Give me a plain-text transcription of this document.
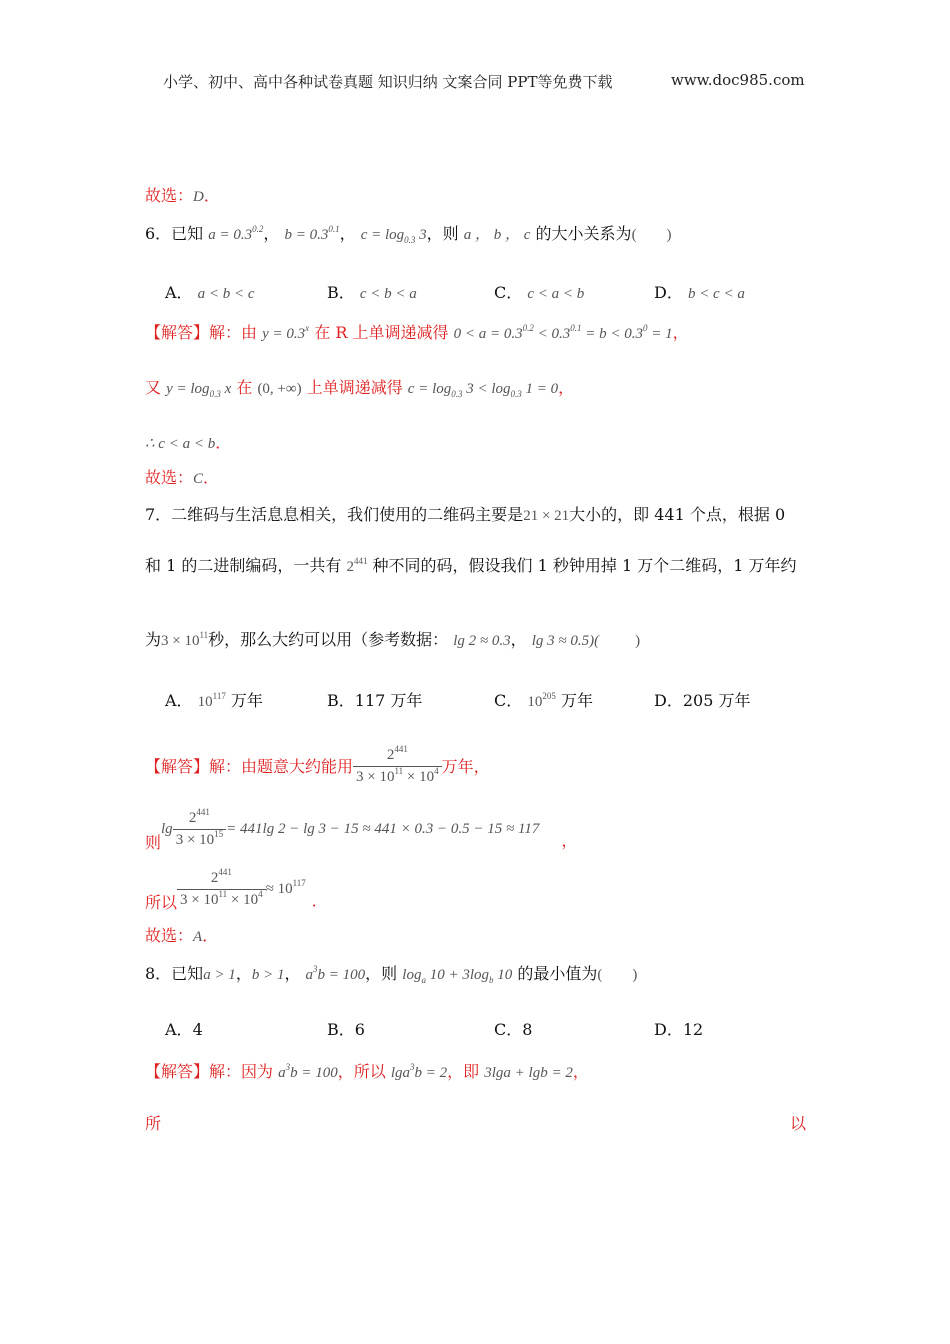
小学、初中、高中各种试卷真题 知识归纳 文案合同 PPT等免费下载	www.doc985.com
故选：D．
6．已知 $a = 0.3^{0.2}$， $b = 0.3^{0.1}$， $c = \log_{0.3} 3$，则 a ， b ， c 的大小关系为(　　)
A． a < b < c	B． c < b < a	C． c < a < b	D． b < c < a
【解答】解：由 $y = 0.3^x$ 在 R 上单调递减得 $0 < a = 0.3^{0.2} < 0.3^{0.1} = b < 0.3^0 = 1$，
又 $y = \log_{0.3} x$ 在 (0, +∞) 上单调递减得 $c = \log_{0.3} 3 < \log_{0.3} 1 = 0$，
∴ c < a < b．
故选：C．
7．二维码与生活息息相关，我们使用的二维码主要是21 × 21大小的，即 441 个点，根据 0
和 1 的二进制编码，一共有 $2^{441}$ 种不同的码，假设我们 1 秒钟用掉 1 万个二维码，1 万年约
为$3 \times 10^{11}$秒，那么大约可以用（参考数据： lg 2 ≈ 0.3， lg 3 ≈ 0.5)( )
A． $10^{117}$ 万年	B．117 万年	C． $10^{205}$ 万年	D．205 万年
【解答】解：由题意大约能用 $\frac{2^{441}}{3 \times 10^{11} \times 10^4}$ 万年，
则$\lg \frac{2^{441}}{3 \times 10^{15}} = 441\lg$ 2 − lg 3 − 15 ≈ 441 × 0.3 − 0.5 − 15 ≈ 117，
所以 $\frac{2^{441}}{3 \times 10^{11} \times 10^4} \approx 10^{117}$．
故选：A．
8．已知a > 1，b > 1， $a^3b = 100$，则 $\log_a 10 + 3\log_b$ 10 的最小值为(　　)
A．4	B．6	C．8	D．12
【解答】解：因为 $a^3b = 100$，所以 lga$^3$b = 2，即 3lga + lgb = 2，
所	以
